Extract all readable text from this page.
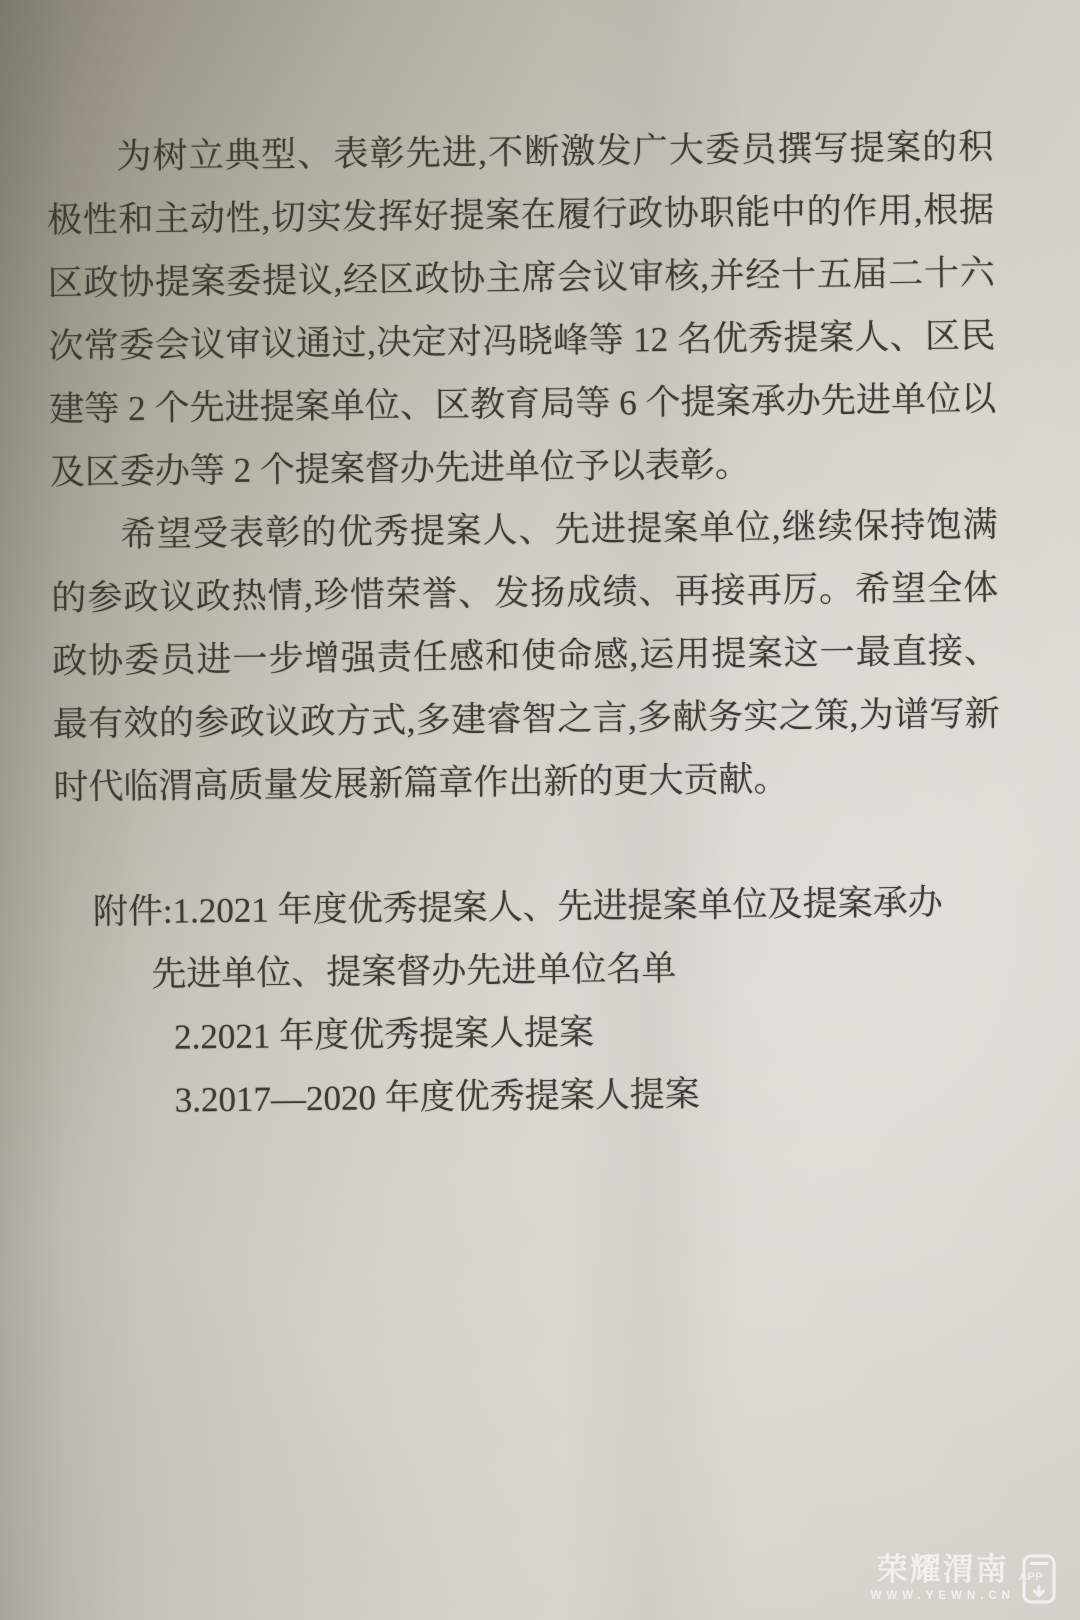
为树立典型、表彰先进,不断激发广大委员撰写提案的积极性和主动性,切实发挥好提案在履行政协职能中的作用,根据区政协提案委提议,经区政协主席会议审核,并经十五届二十六次常委会议审议通过,决定对冯晓峰等 12 名优秀提案人、区民建等 2 个先进提案单位、区教育局等 6 个提案承办先进单位以及区委办等 2 个提案督办先进单位予以表彰。

希望受表彰的优秀提案人、先进提案单位,继续保持饱满的参政议政热情,珍惜荣誉、发扬成绩、再接再厉。希望全体政协委员进一步增强责任感和使命感,运用提案这一最直接、最有效的参政议政方式,多建睿智之言,多献务实之策,为谱写新时代临渭高质量发展新篇章作出新的更大贡献。

附件: 1.2021 年度优秀提案人、先进提案单位及提案承办
先进单位、提案督办先进单位名单
2.2021 年度优秀提案人提案
3.2017—2020 年度优秀提案人提案
荣耀渭南
WWW.YEWN.CN
APP
